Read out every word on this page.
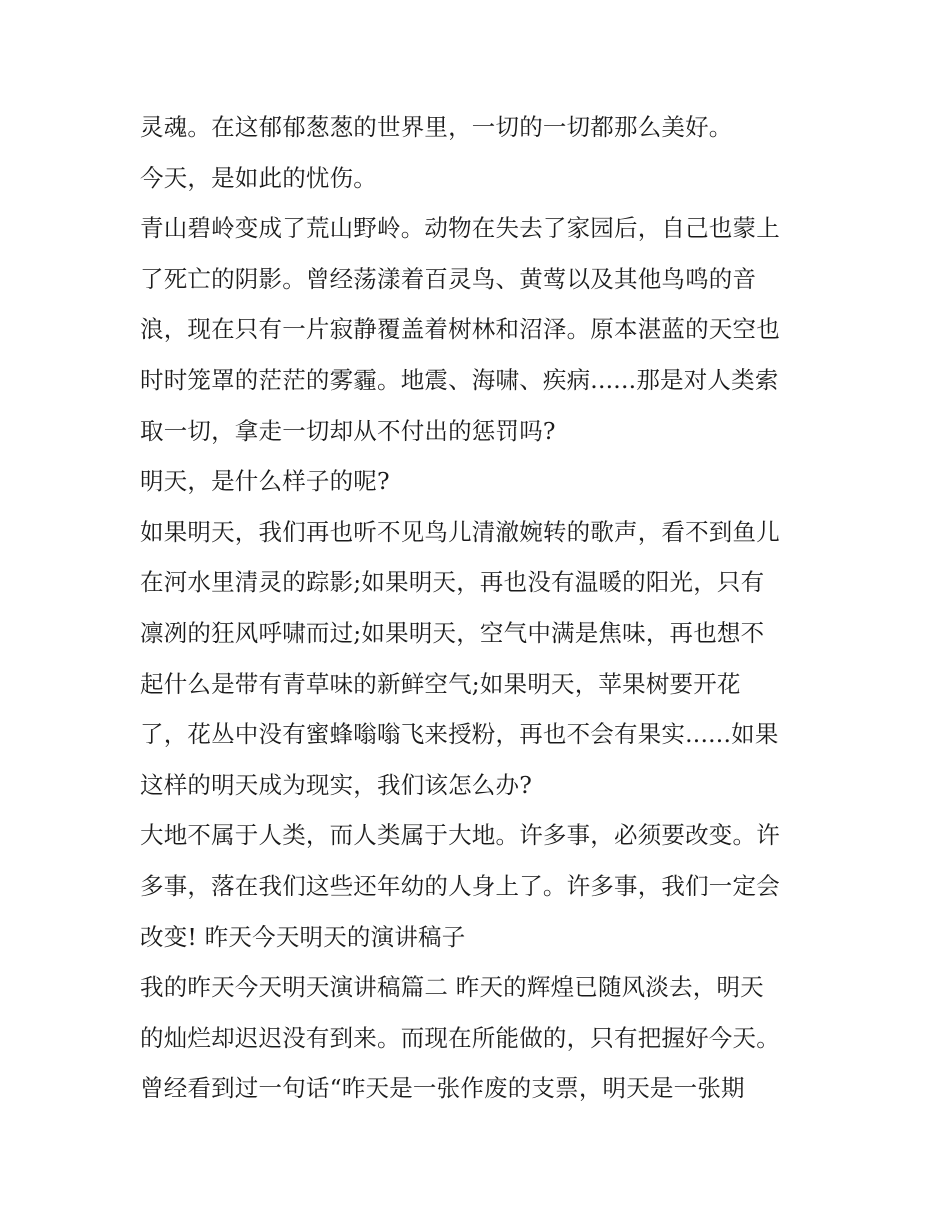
灵魂。在这郁郁葱葱的世界里，一切的一切都那么美好。
今天，是如此的忧伤。
青山碧岭变成了荒山野岭。动物在失去了家园后，自己也蒙上
了死亡的阴影。曾经荡漾着百灵鸟、黄莺以及其他鸟鸣的音
浪，现在只有一片寂静覆盖着树林和沼泽。原本湛蓝的天空也
时时笼罩的茫茫的雾霾。地震、海啸、疾病......那是对人类索
取一切，拿走一切却从不付出的惩罚吗?
明天，是什么样子的呢?
如果明天，我们再也听不见鸟儿清澈婉转的歌声，看不到鱼儿
在河水里清灵的踪影;如果明天，再也没有温暖的阳光，只有
凛冽的狂风呼啸而过;如果明天，空气中满是焦味，再也想不
起什么是带有青草味的新鲜空气;如果明天，苹果树要开花
了，花丛中没有蜜蜂嗡嗡飞来授粉，再也不会有果实......如果
这样的明天成为现实，我们该怎么办?
大地不属于人类，而人类属于大地。许多事，必须要改变。许
多事，落在我们这些还年幼的人身上了。许多事，我们一定会
改变! 昨天今天明天的演讲稿子
我的昨天今天明天演讲稿篇二 昨天的辉煌已随风淡去，明天
的灿烂却迟迟没有到来。而现在所能做的，只有把握好今天。
曾经看到过一句话“昨天是一张作废的支票，明天是一张期
